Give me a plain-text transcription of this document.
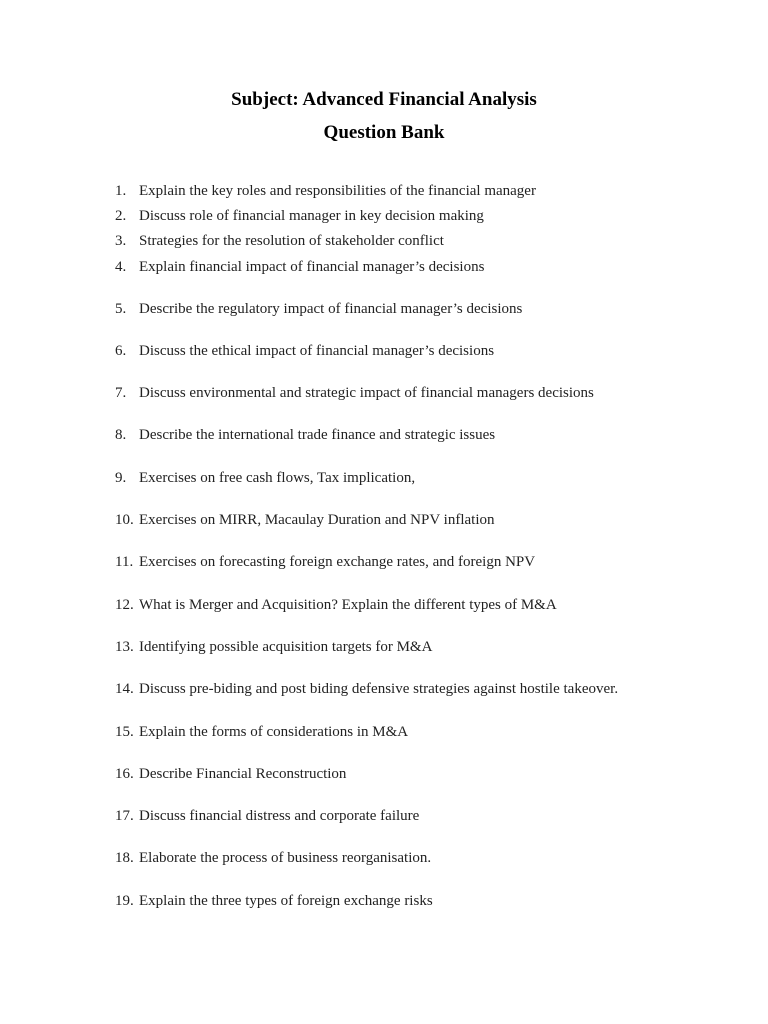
Subject: Advanced Financial Analysis
Question Bank
1. Explain the key roles and responsibilities of the financial manager
2. Discuss role of financial manager in key decision making
3. Strategies for the resolution of stakeholder conflict
4. Explain financial impact of financial manager’s decisions
5. Describe the regulatory impact of financial manager’s decisions
6. Discuss the ethical impact of financial manager’s decisions
7. Discuss environmental and strategic impact of financial managers decisions
8. Describe the international trade finance and strategic issues
9. Exercises on free cash flows, Tax implication,
10. Exercises on MIRR, Macaulay Duration and NPV inflation
11. Exercises on forecasting foreign exchange rates, and foreign NPV
12. What is Merger and Acquisition? Explain the different types of M&A
13. Identifying possible acquisition targets for M&A
14. Discuss pre-biding and post biding defensive strategies against hostile takeover.
15. Explain the forms of considerations in M&A
16. Describe Financial Reconstruction
17. Discuss financial distress and corporate failure
18. Elaborate the process of business reorganisation.
19. Explain the three types of foreign exchange risks
